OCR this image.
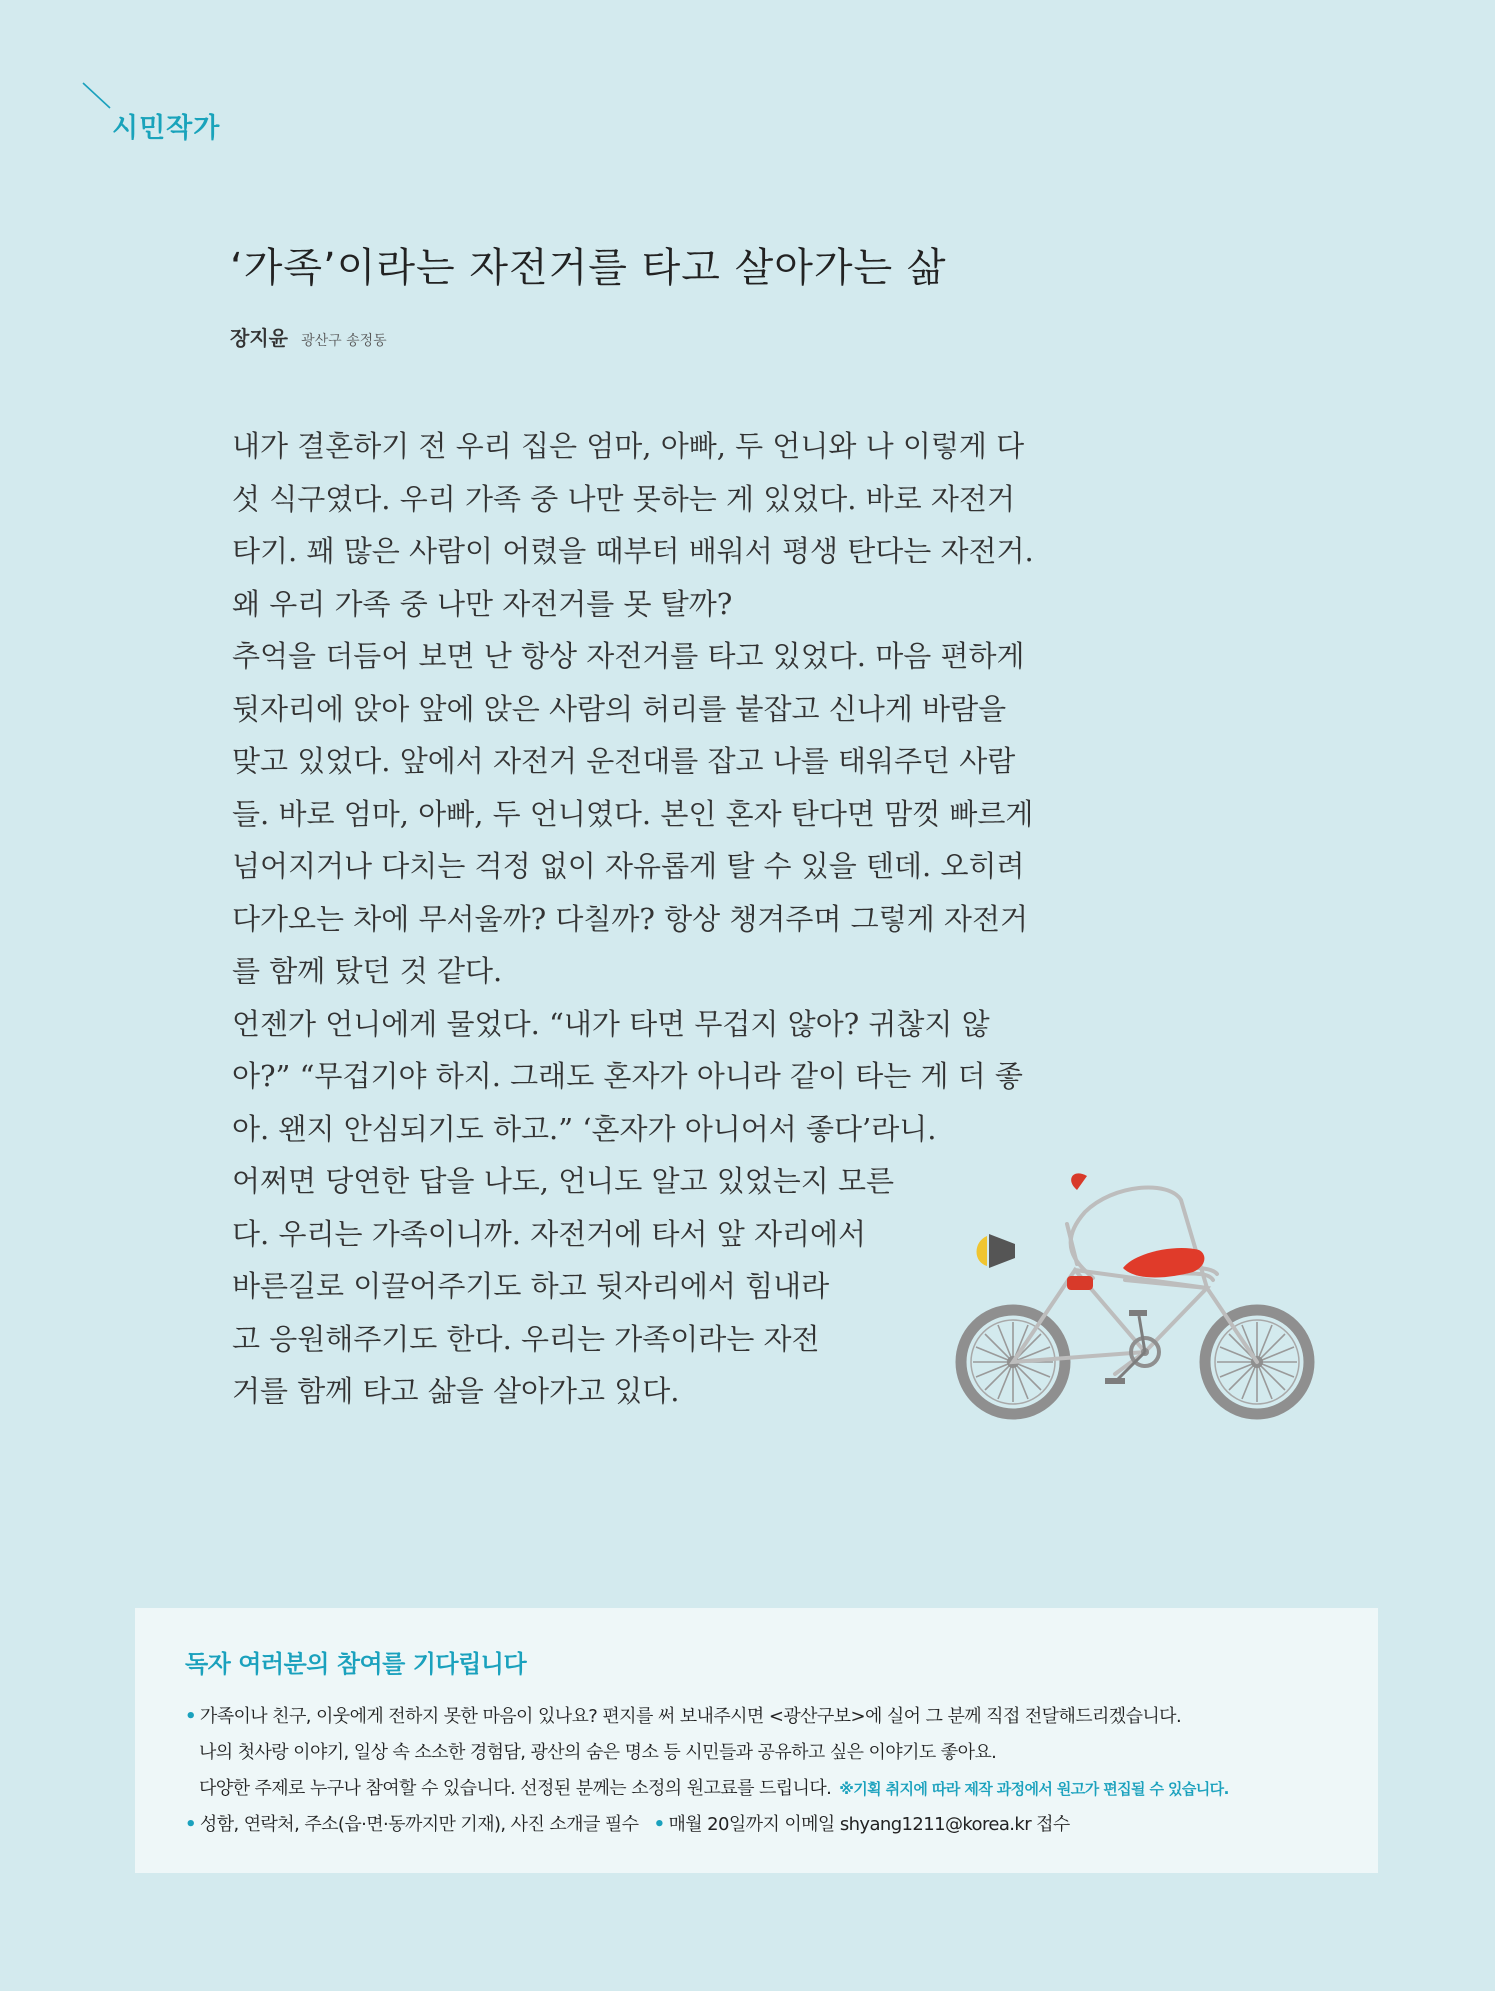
시민작가
‘가족’이라는 자전거를 타고 살아가는 삶
장지윤 광산구 송정동
내가 결혼하기 전 우리 집은 엄마, 아빠, 두 언니와 나 이렇게 다
섯 식구였다. 우리 가족 중 나만 못하는 게 있었다. 바로 자전거
타기. 꽤 많은 사람이 어렸을 때부터 배워서 평생 탄다는 자전거.
왜 우리 가족 중 나만 자전거를 못 탈까?
추억을 더듬어 보면 난 항상 자전거를 타고 있었다. 마음 편하게
뒷자리에 앉아 앞에 앉은 사람의 허리를 붙잡고 신나게 바람을
맞고 있었다. 앞에서 자전거 운전대를 잡고 나를 태워주던 사람
들. 바로 엄마, 아빠, 두 언니였다. 본인 혼자 탄다면 맘껏 빠르게
넘어지거나 다치는 걱정 없이 자유롭게 탈 수 있을 텐데. 오히려
다가오는 차에 무서울까? 다칠까? 항상 챙겨주며 그렇게 자전거
를 함께 탔던 것 같다.
언젠가 언니에게 물었다. “내가 타면 무겁지 않아? 귀찮지 않
아?” “무겁기야 하지. 그래도 혼자가 아니라 같이 타는 게 더 좋
아. 왠지 안심되기도 하고.” ‘혼자가 아니어서 좋다’라니.
어쩌면 당연한 답을 나도, 언니도 알고 있었는지 모른
다. 우리는 가족이니까. 자전거에 타서 앞 자리에서
바른길로 이끌어주기도 하고 뒷자리에서 힘내라
고 응원해주기도 한다. 우리는 가족이라는 자전
거를 함께 타고 삶을 살아가고 있다.
독자 여러분의 참여를 기다립니다
• 가족이나 친구, 이웃에게 전하지 못한 마음이 있나요? 편지를 써 보내주시면 <광산구보>에 실어 그 분께 직접 전달해드리겠습니다.
나의 첫사랑 이야기, 일상 속 소소한 경험담, 광산의 숨은 명소 등 시민들과 공유하고 싶은 이야기도 좋아요.
다양한 주제로 누구나 참여할 수 있습니다. 선정된 분께는 소정의 원고료를 드립니다. ※기획 취지에 따라 제작 과정에서 원고가 편집될 수 있습니다.
• 성함, 연락처, 주소(읍·면·동까지만 기재), 사진 소개글 필수 • 매월 20일까지 이메일 shyang1211@korea.kr 접수
